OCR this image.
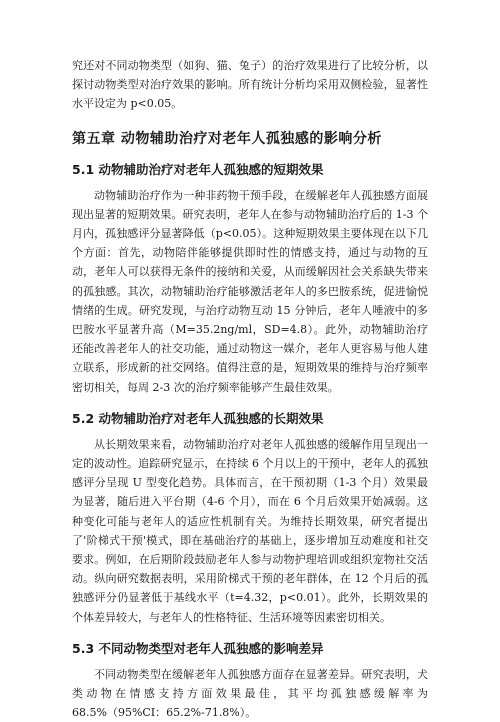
究还对不同动物类型（如狗、猫、兔子）的治疗效果进行了比较分析，以探讨动物类型对治疗效果的影响。所有统计分析均采用双侧检验，显著性水平设定为 p<0.05。

第五章 动物辅助治疗对老年人孤独感的影响分析
5.1 动物辅助治疗对老年人孤独感的短期效果

动物辅助治疗作为一种非药物干预手段，在缓解老年人孤独感方面展现出显著的短期效果。研究表明，老年人在参与动物辅助治疗后的 1-3 个月内，孤独感评分显著降低（p<0.05）。这种短期效果主要体现在以下几个方面：首先，动物陪伴能够提供即时性的情感支持，通过与动物的互动，老年人可以获得无条件的接纳和关爱，从而缓解因社会关系缺失带来的孤独感。其次，动物辅助治疗能够激活老年人的多巴胺系统，促进愉悦情绪的生成。研究发现，与治疗动物互动 15 分钟后，老年人唾液中的多巴胺水平显著升高（M=35.2ng/ml，SD=4.8）。此外，动物辅助治疗还能改善老年人的社交功能，通过动物这一媒介，老年人更容易与他人建立联系，形成新的社交网络。值得注意的是，短期效果的维持与治疗频率密切相关，每周 2-3 次的治疗频率能够产生最佳效果。

5.2 动物辅助治疗对老年人孤独感的长期效果

从长期效果来看，动物辅助治疗对老年人孤独感的缓解作用呈现出一定的波动性。追踪研究显示，在持续 6 个月以上的干预中，老年人的孤独感评分呈现 U 型变化趋势。具体而言，在干预初期（1-3 个月）效果最为显著，随后进入平台期（4-6 个月），而在 6 个月后效果开始减弱。这种变化可能与老年人的适应性机制有关。为维持长期效果，研究者提出了'阶梯式干预'模式，即在基础治疗的基础上，逐步增加互动难度和社交要求。例如，在后期阶段鼓励老年人参与动物护理培训或组织宠物社交活动。纵向研究数据表明，采用阶梯式干预的老年群体，在 12 个月后的孤独感评分仍显著低于基线水平（t=4.32，p<0.01）。此外，长期效果的个体差异较大，与老年人的性格特征、生活环境等因素密切相关。

5.3 不同动物类型对老年人孤独感的影响差异

不同动物类型在缓解老年人孤独感方面存在显著差异。研究表明，犬类动物在情感支持方面效果最佳，其平均孤独感缓解率为 68.5%（95%CI：65.2%-71.8%）。
